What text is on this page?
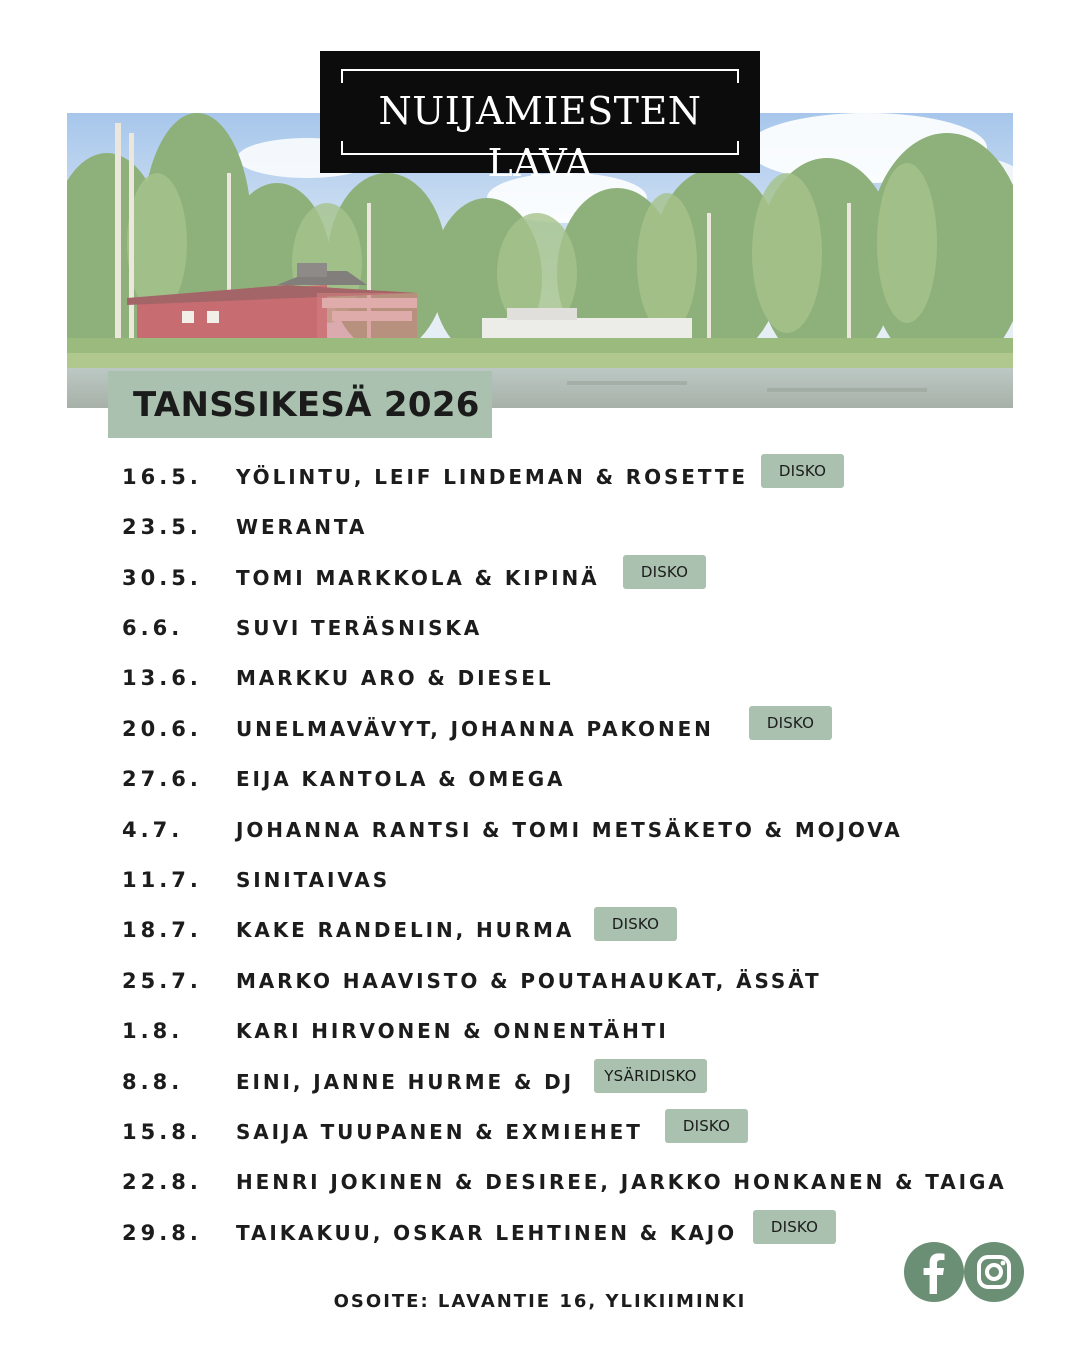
NUIJAMIESTEN LAVA
TANSSIKESÄ 2026
16.5. YÖLINTU, LEIF LINDEMAN & ROSETTE	DISKO
23.5. WERANTA
30.5. TOMI MARKKOLA & KIPINÄ	DISKO
6.6.	SUVI TERÄSNISKA
13.6. MARKKU ARO & DIESEL
20.6. UNELMAVÄVYT, JOHANNA PAKONEN	DISKO
27.6. EIJA KANTOLA & OMEGA
4.7.	JOHANNA RANTSI & TOMI METSÄKETO & MOJOVA
11.7. SINITAIVAS
18.7. KAKE RANDELIN, HURMA	DISKO
25.7. MARKO HAAVISTO & POUTAHAUKAT, ÄSSÄT
1.8.	KARI HIRVONEN & ONNENTÄHTI
8.8.	EINI, JANNE HURME & DJ	YSÄRIDISKO
15.8. SAIJA TUUPANEN & EXMIEHET	DISKO
22.8. HENRI JOKINEN & DESIREE, JARKKO HONKANEN & TAIGA
29.8. TAIKAKUU, OSKAR LEHTINEN & KAJO	DISKO
OSOITE: LAVANTIE 16, YLIKIIMINKI
